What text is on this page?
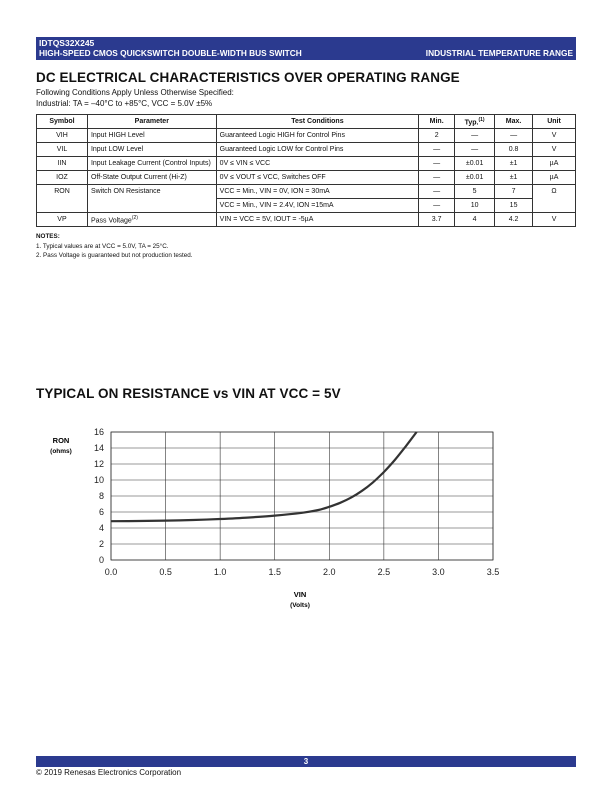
IDTQS32X245
HIGH-SPEED CMOS QUICKSWITCH DOUBLE-WIDTH BUS SWITCH	INDUSTRIAL TEMPERATURE RANGE
DC ELECTRICAL CHARACTERISTICS OVER OPERATING RANGE
Following Conditions Apply Unless Otherwise Specified:
Industrial: TA = –40°C to +85°C, VCC = 5.0V ±5%
Symbol	Parameter	Test Conditions	Min.	Typ.$^{(1)}$	Max.	Unit
VIH	Input HIGH Level	Guaranteed Logic HIGH for Control Pins	2	—	—	V
VIL	Input LOW Level	Guaranteed Logic LOW for Control Pins	—	—	0.8	V
IIN	Input Leakage Current (Control Inputs)	0V ≤ VIN ≤ VCC	—	±0.01	±1	µA
IOZ	Off-State Output Current (Hi-Z)	0V ≤ VOUT ≤ VCC, Switches OFF	—	±0.01	±1	µA
RON	Switch ON Resistance	VCC = Min., VIN = 0V, ION = 30mA	—	5	7	Ω
		VCC = Min., VIN = 2.4V, ION =15mA	—	10	15	
VP	Pass Voltage$^{(2)}$	VIN = VCC = 5V, IOUT = -5µA	3.7	4	4.2	V
NOTES:
1. Typical values are at VCC = 5.0V, TA = 25°C.
2. Pass Voltage is guaranteed but not production tested.
TYPICAL ON RESISTANCE vs VIN AT VCC = 5V
0
2
4
6
8
10
12
14
16
0.0	0.5	1.0	1.5	2.0	2.5	3.0	3.5
RON
(ohms)
VIN
(Volts)
3
© 2019 Renesas Electronics Corporation
